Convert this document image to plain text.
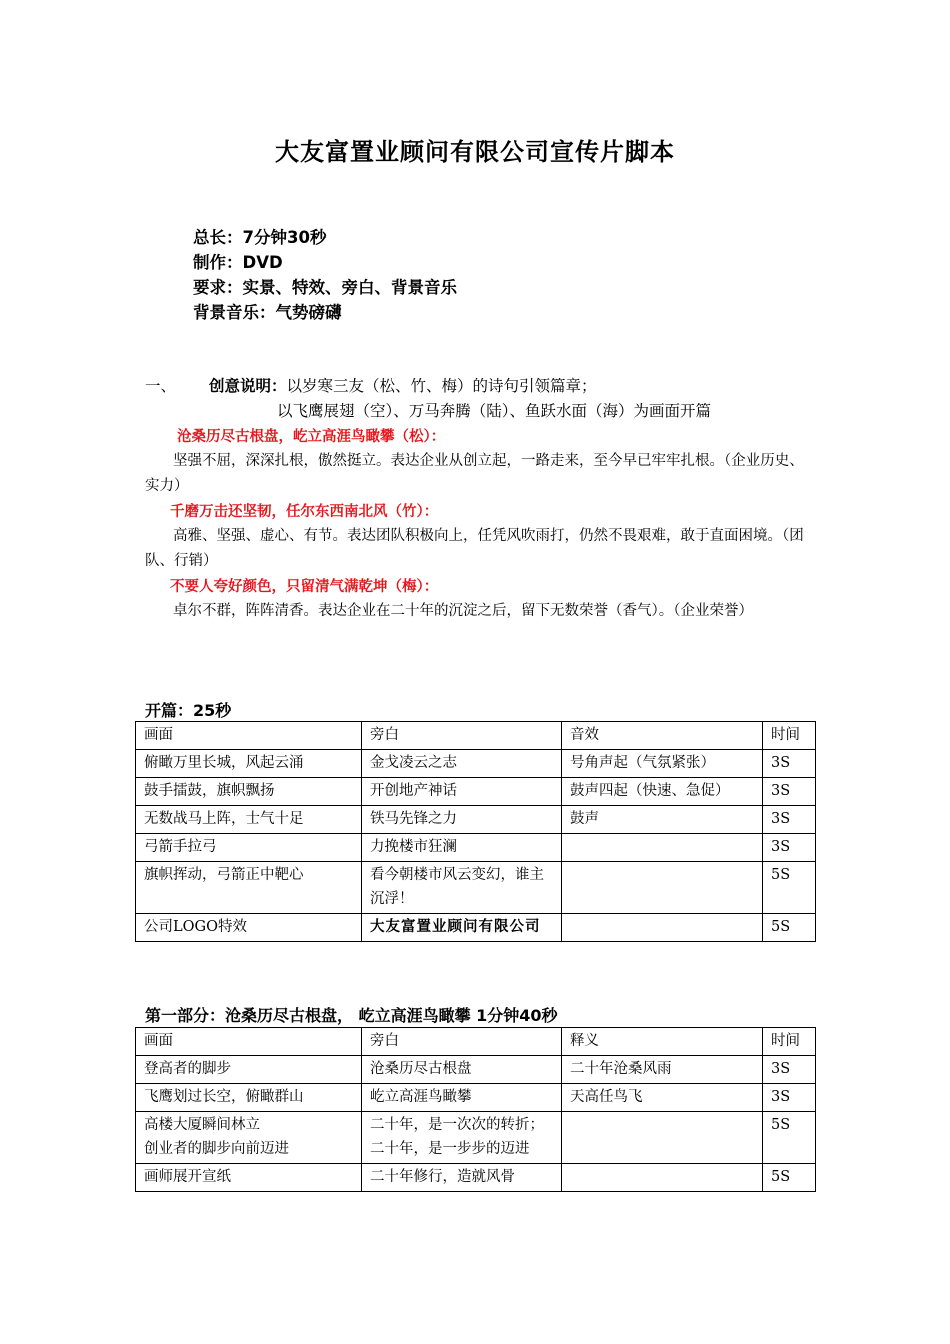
大友富置业顾问有限公司宣传片脚本
总长：7分钟30秒
制作：DVD
要求：实景、特效、旁白、背景音乐
背景音乐：气势磅礴
一、 创意说明：以岁寒三友（松、竹、梅）的诗句引领篇章；
以飞鹰展翅（空）、万马奔腾（陆）、鱼跃水面（海）为画面开篇
沧桑历尽古根盘，屹立高涯鸟瞰攀（松）：
坚强不屈，深深扎根，傲然挺立。表达企业从创立起，一路走来，至今早已牢牢扎根。（企业历史、实力）
千磨万击还坚韧，任尔东西南北风（竹）：
高雅、坚强、虚心、有节。表达团队积极向上，任凭风吹雨打，仍然不畏艰难，敢于直面困境。（团队、行销）
不要人夸好颜色，只留清气满乾坤（梅）：
卓尔不群，阵阵清香。表达企业在二十年的沉淀之后，留下无数荣誉（香气）。（企业荣誉）
开篇：25秒
画面	旁白	音效	时间
俯瞰万里长城，风起云涌	金戈凌云之志	号角声起（气氛紧张）	3S
鼓手擂鼓，旗帜飘扬	开创地产神话	鼓声四起（快速、急促）	3S
无数战马上阵，士气十足	铁马先锋之力	鼓声	3S
弓箭手拉弓	力挽楼市狂澜		3S
旗帜挥动，弓箭正中靶心	看今朝楼市风云变幻，谁主沉浮！		5S
公司LOGO特效	大友富置业顾问有限公司		5S
第一部分：沧桑历尽古根盘， 屹立高涯鸟瞰攀 1分钟40秒
画面	旁白	释义	时间
登高者的脚步	沧桑历尽古根盘	二十年沧桑风雨	3S
飞鹰划过长空，俯瞰群山	屹立高涯鸟瞰攀	天高任鸟飞	3S
高楼大厦瞬间林立
创业者的脚步向前迈进	二十年，是一次次的转折；二十年，是一步步的迈进		5S
画师展开宣纸	二十年修行，造就风骨		5S
